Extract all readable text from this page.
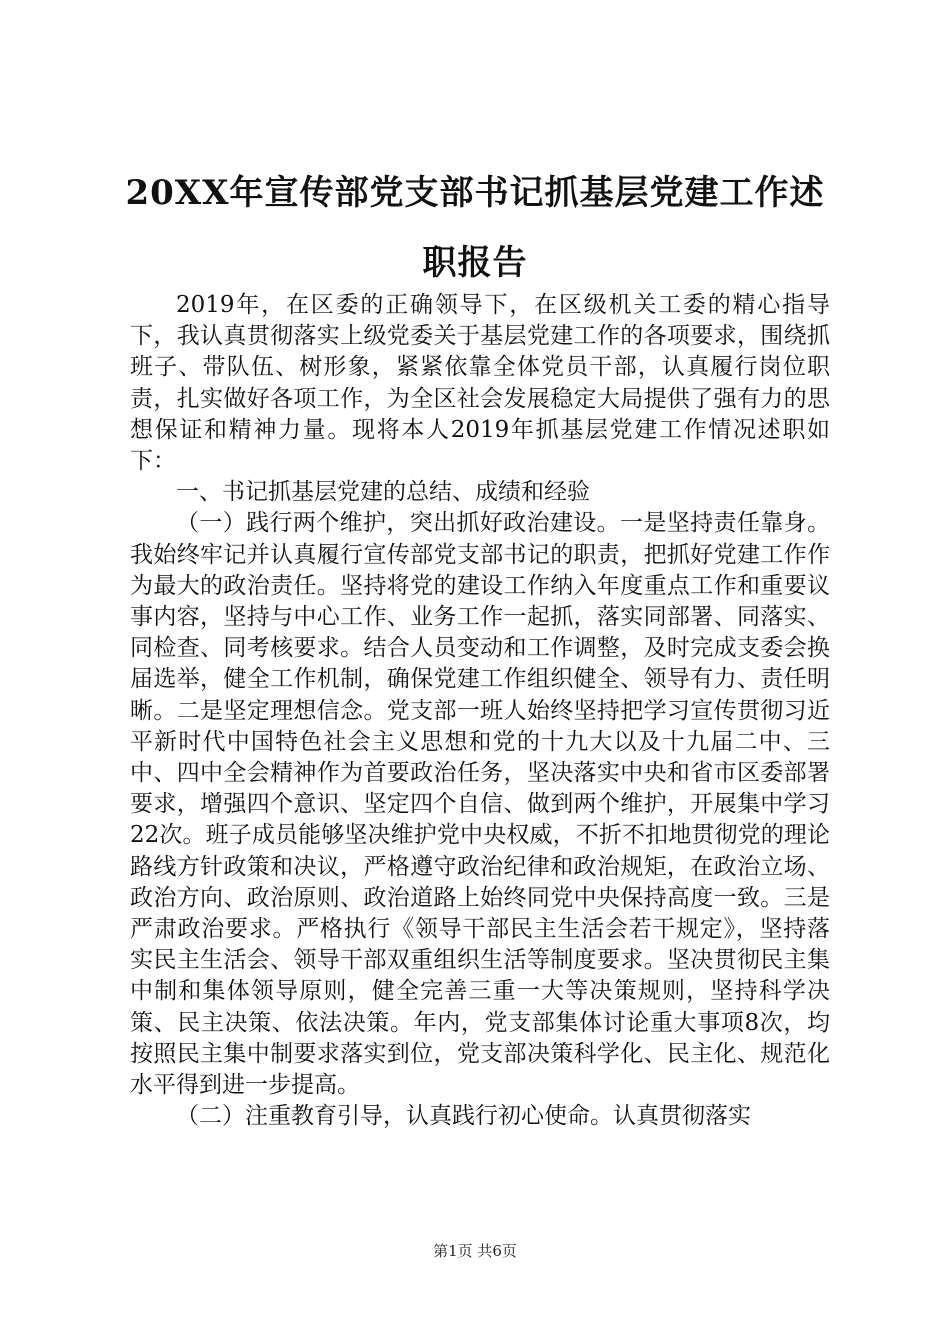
20XX年宣传部党支部书记抓基层党建工作述
职报告

2019年，在区委的正确领导下，在区级机关工委的精心指导下，我认真贯彻落实上级党委关于基层党建工作的各项要求，围绕抓班子、带队伍、树形象，紧紧依靠全体党员干部，认真履行岗位职责，扎实做好各项工作，为全区社会发展稳定大局提供了强有力的思想保证和精神力量。现将本人2019年抓基层党建工作情况述职如下：

一、书记抓基层党建的总结、成绩和经验

（一）践行两个维护，突出抓好政治建设。一是坚持责任靠身。我始终牢记并认真履行宣传部党支部书记的职责，把抓好党建工作作为最大的政治责任。坚持将党的建设工作纳入年度重点工作和重要议事内容，坚持与中心工作、业务工作一起抓，落实同部署、同落实、同检查、同考核要求。结合人员变动和工作调整，及时完成支委会换届选举，健全工作机制，确保党建工作组织健全、领导有力、责任明晰。二是坚定理想信念。党支部一班人始终坚持把学习宣传贯彻习近平新时代中国特色社会主义思想和党的十九大以及十九届二中、三中、四中全会精神作为首要政治任务，坚决落实中央和省市区委部署要求，增强四个意识、坚定四个自信、做到两个维护，开展集中学习22次。班子成员能够坚决维护党中央权威，不折不扣地贯彻党的理论路线方针政策和决议，严格遵守政治纪律和政治规矩，在政治立场、政治方向、政治原则、政治道路上始终同党中央保持高度一致。三是严肃政治要求。严格执行《领导干部民主生活会若干规定》，坚持落实民主生活会、领导干部双重组织生活等制度要求。坚决贯彻民主集中制和集体领导原则，健全完善三重一大等决策规则，坚持科学决策、民主决策、依法决策。年内，党支部集体讨论重大事项8次，均按照民主集中制要求落实到位，党支部决策科学化、民主化、规范化水平得到进一步提高。

（二）注重教育引导，认真践行初心使命。认真贯彻落实

第1页 共6页
